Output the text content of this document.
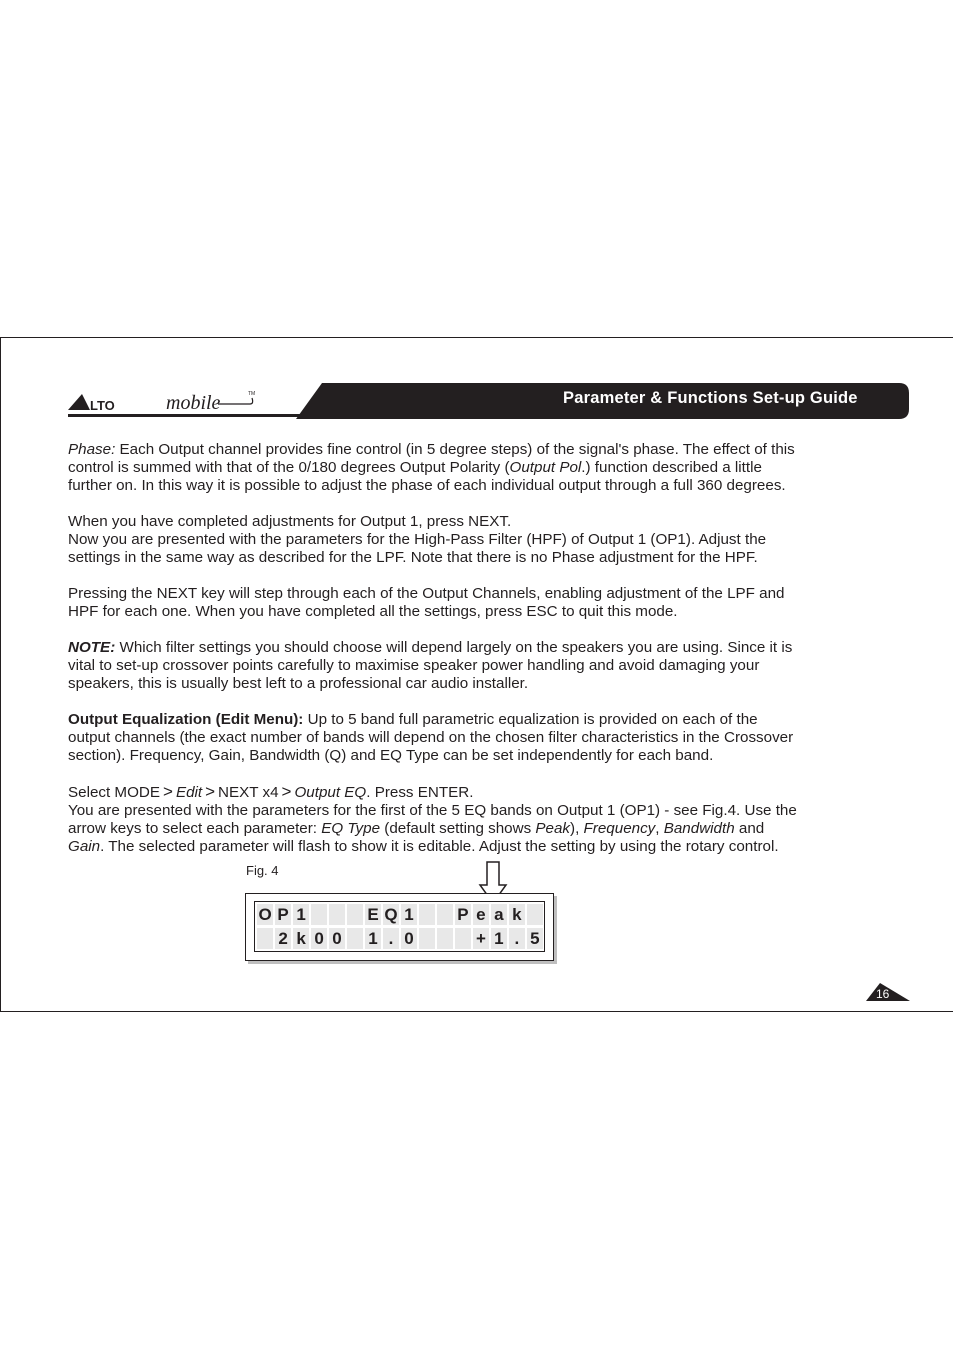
LTO	mobile	TM	Parameter & Functions Set-up Guide

Phase: Each Output channel provides fine control (in 5 degree steps) of the signal's phase. The effect of this
control is summed with that of the 0/180 degrees Output Polarity (Output Pol.) function described a little
further on. In this way it is possible to adjust the phase of each individual output through a full 360 degrees.

When you have completed adjustments for Output 1, press NEXT.
Now you are presented with the parameters for the High-Pass Filter (HPF) of Output 1 (OP1). Adjust the
settings in the same way as described for the LPF. Note that there is no Phase adjustment for the HPF.

Pressing the NEXT key will step through each of the Output Channels, enabling adjustment of the LPF and
HPF for each one. When you have completed all the settings, press ESC to quit this mode.

NOTE: Which filter settings you should choose will depend largely on the speakers you are using. Since it is
vital to set-up crossover points carefully to maximise speaker power handling and avoid damaging your
speakers, this is usually best left to a professional car audio installer.

Output Equalization (Edit Menu): Up to 5 band full parametric equalization is provided on each of the
output channels (the exact number of bands will depend on the chosen filter characteristics in the Crossover
section). Frequency, Gain, Bandwidth (Q) and EQ Type can be set independently for each band.

Select MODE > Edit > NEXT x4 > Output EQ. Press ENTER.
You are presented with the parameters for the first of the 5 EQ bands on Output 1 (OP1) - see Fig.4. Use the
arrow keys to select each parameter: EQ Type (default setting shows Peak), Frequency, Bandwidth and
Gain. The selected parameter will flash to show it is editable. Adjust the setting by using the rotary control.

Fig. 4
O P 1	E Q 1	P e a k
2 k 0 0 1 . 0	+ 1 . 5
16
